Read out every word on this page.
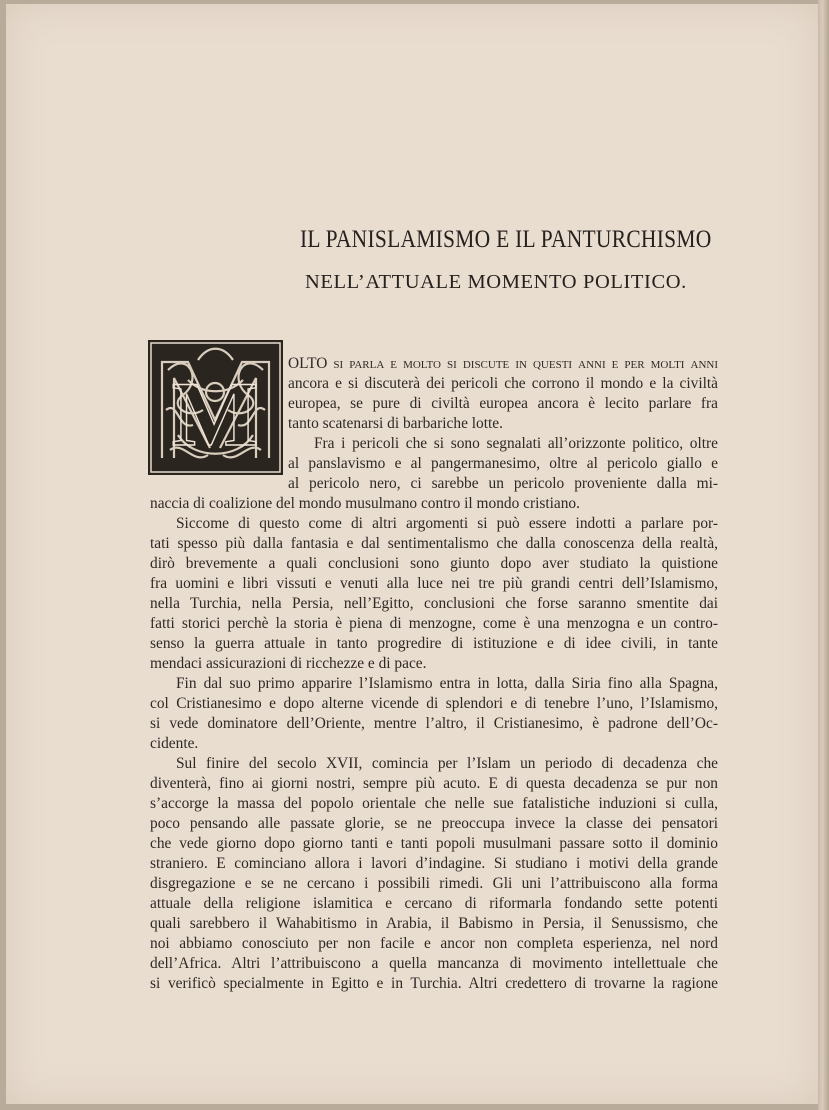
IL PANISLAMISMO E IL PANTURCHISMO
NELL’ATTUALE MOMENTO POLITICO.
M	OLTO si parla e molto si discute in questi anni e per molti anni
ancora e si discuterà dei pericoli che corrono il mondo e la civiltà
europea, se pure di civiltà europea ancora è lecito parlare fra
tanto scatenarsi di barbariche lotte.
Fra i pericoli che si sono segnalati all’orizzonte politico, oltre
al panslavismo e al pangermanesimo, oltre al pericolo giallo e
al pericolo nero, ci sarebbe un pericolo proveniente dalla mi-
naccia di coalizione del mondo musulmano contro il mondo cristiano.
Siccome di questo come di altri argomenti si può essere indotti a parlare por-
tati spesso più dalla fantasia e dal sentimentalismo che dalla conoscenza della realtà,
dirò brevemente a quali conclusioni sono giunto dopo aver studiato la quistione
fra uomini e libri vissuti e venuti alla luce nei tre più grandi centri dell’Islamismo,
nella Turchia, nella Persia, nell’Egitto, conclusioni che forse saranno smentite dai
fatti storici perchè la storia è piena di menzogne, come è una menzogna e un contro-
senso la guerra attuale in tanto progredire di istituzione e di idee civili, in tante
mendaci assicurazioni di ricchezze e di pace.
Fin dal suo primo apparire l’Islamismo entra in lotta, dalla Siria fino alla Spagna,
col Cristianesimo e dopo alterne vicende di splendori e di tenebre l’uno, l’Islamismo,
si vede dominatore dell’Oriente, mentre l’altro, il Cristianesimo, è padrone dell’Oc-
cidente.
Sul finire del secolo XVII, comincia per l’Islam un periodo di decadenza che
diventerà, fino ai giorni nostri, sempre più acuto. E di questa decadenza se pur non
s’accorge la massa del popolo orientale che nelle sue fatalistiche induzioni si culla,
poco pensando alle passate glorie, se ne preoccupa invece la classe dei pensatori
che vede giorno dopo giorno tanti e tanti popoli musulmani passare sotto il dominio
straniero. E cominciano allora i lavori d’indagine. Si studiano i motivi della grande
disgregazione e se ne cercano i possibili rimedi. Gli uni l’attribuiscono alla forma
attuale della religione islamitica e cercano di riformarla fondando sette potenti
quali sarebbero il Wahabitismo in Arabia, il Babismo in Persia, il Senussismo, che
noi abbiamo conosciuto per non facile e ancor non completa esperienza, nel nord
dell’Africa. Altri l’attribuiscono a quella mancanza di movimento intellettuale che
si verificò specialmente in Egitto e in Turchia. Altri credettero di trovarne la ragione
